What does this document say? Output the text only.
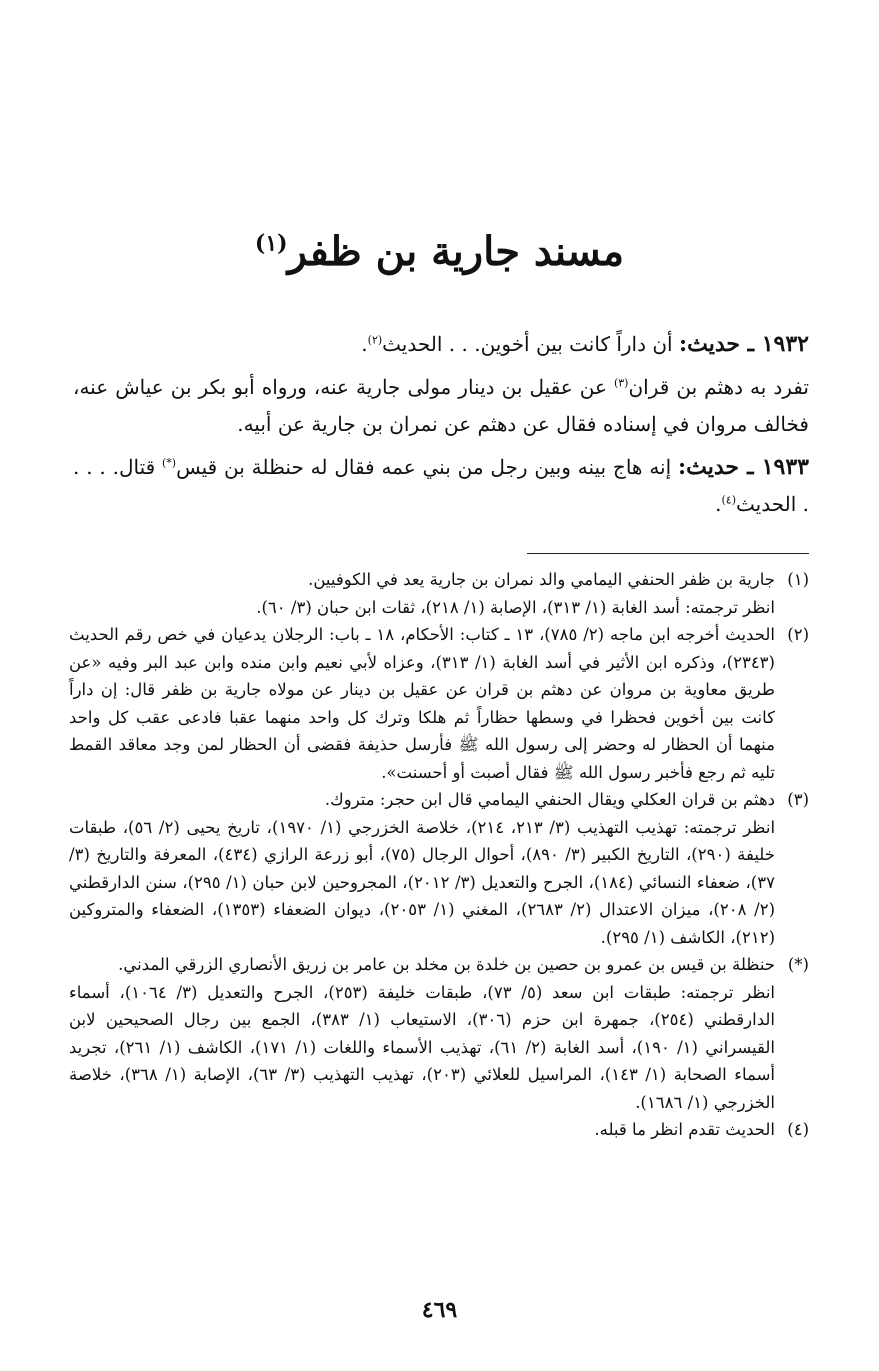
مسند جارية بن ظفر$^{(١)}$

١٩٣٢ ـ حديث: أن داراً كانت بين أخوين. . . الحديث$^{(٢)}$.

تفرد به دهثم بن قران$^{(٣)}$ عن عقيل بن دينار مولى جارية عنه، ورواه أبو بكر بن عياش عنه، فخالف مروان في إسناده فقال عن دهثم عن نمران بن جارية عن أبيه.

١٩٣٣ ـ حديث: إنه هاج بينه وبين رجل من بني عمه فقال له حنظلة بن قيس(*) قتال. . . . . الحديث$^{(٤)}$.

(١)

جارية بن ظفر الحنفي اليمامي والد نمران بن جارية يعد في الكوفيين.

انظر ترجمته: أسد الغابة (١/ ٣١٣)، الإصابة (١/ ٢١٨)، ثقات ابن حبان (٣/ ٦٠).

(٢)

الحديث أخرجه ابن ماجه (٢/ ٧٨٥)، ١٣ ـ كتاب: الأحكام، ١٨ ـ باب: الرجلان يدعيان في خص رقم الحديث (٢٣٤٣)، وذكره ابن الأثير في أسد الغابة (١/ ٣١٣)، وعزاه لأبي نعيم وابن منده وابن عبد البر وفيه «عن طريق معاوية بن مروان عن دهثم بن قران عن عقيل بن دينار عن مولاه جارية بن ظفر قال: إن داراً كانت بين أخوين فحظرا في وسطها حظاراً ثم هلكا وترك كل واحد منهما عقبا فادعى عقب كل واحد منهما أن الحظار له وحضر إلى رسول الله ﷺ فأرسل حذيفة فقضى أن الحظار لمن وجد معاقد القمط تليه ثم رجع فأخبر رسول الله ﷺ فقال أصبت أو أحسنت».

(٣)

دهثم بن قران العكلي ويقال الحنفي اليمامي قال ابن حجر: متروك.

انظر ترجمته: تهذيب التهذيب (٣/ ٢١٣، ٢١٤)، خلاصة الخزرجي (١/ ١٩٧٠)، تاريخ يحيى (٢/ ٥٦)، طبقات خليفة (٢٩٠)، التاريخ الكبير (٣/ ٨٩٠)، أحوال الرجال (٧٥)، أبو زرعة الرازي (٤٣٤)، المعرفة والتاريخ (٣/ ٣٧)، ضعفاء النسائي (١٨٤)، الجرح والتعديل (٣/ ٢٠١٢)، المجروحين لابن حبان (١/ ٢٩٥)، سنن الدارقطني (٢/ ٢٠٨)، ميزان الاعتدال (٢/ ٢٦٨٣)، المغني (١/ ٢٠٥٣)، ديوان الضعفاء (١٣٥٣)، الضعفاء والمتروكين (٢١٢)، الكاشف (١/ ٢٩٥).

(*)

حنظلة بن قيس بن عمرو بن حصين بن خلدة بن مخلد بن عامر بن زريق الأنصاري الزرقي المدني.

انظر ترجمته: طبقات ابن سعد (٥/ ٧٣)، طبقات خليفة (٢٥٣)، الجرح والتعديل (٣/ ١٠٦٤)، أسماء الدارقطني (٢٥٤)، جمهرة ابن حزم (٣٠٦)، الاستيعاب (١/ ٣٨٣)، الجمع بين رجال الصحيحين لابن القيسراني (١/ ١٩٠)، أسد الغابة (٢/ ٦١)، تهذيب الأسماء واللغات (١/ ١٧١)، الكاشف (١/ ٢٦١)، تجريد أسماء الصحابة (١/ ١٤٣)، المراسيل للعلائي (٢٠٣)، تهذيب التهذيب (٣/ ٦٣)، الإصابة (١/ ٣٦٨)، خلاصة الخزرجي (١/ ١٦٨٦).

(٤)

الحديث تقدم انظر ما قبله.

٤٦٩
